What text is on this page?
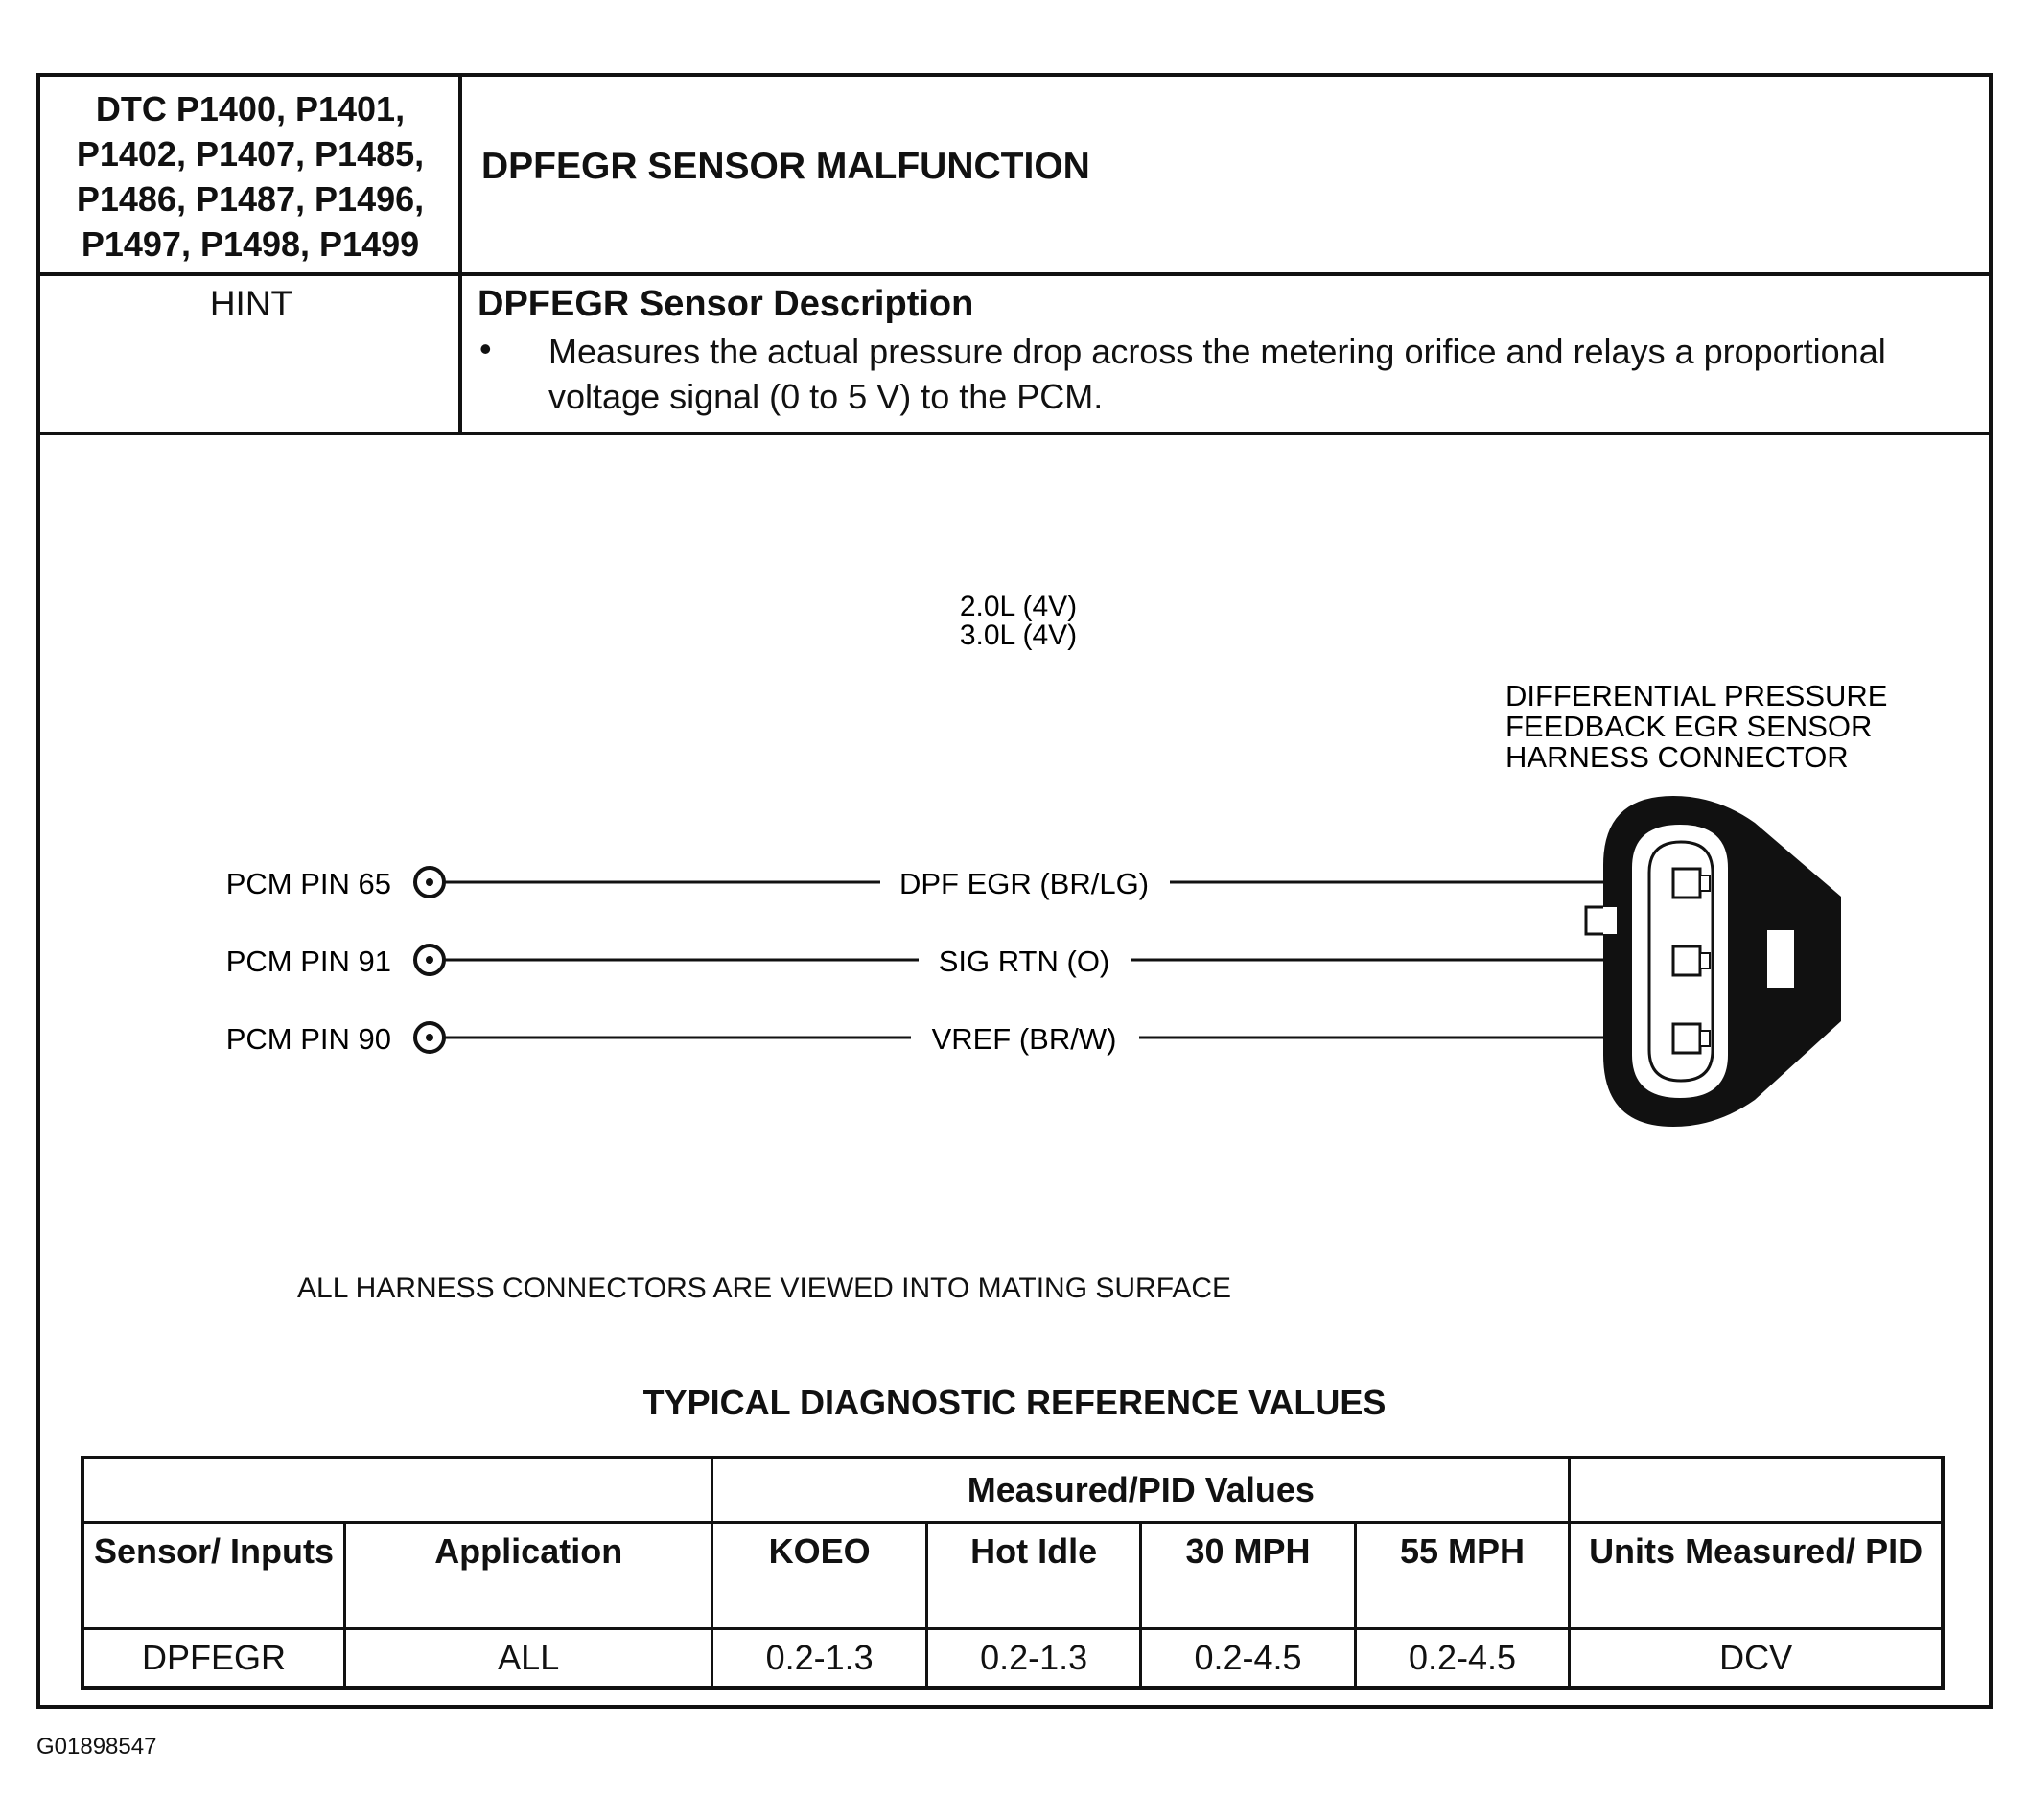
DTC P1400, P1401,
P1402, P1407, P1485,
P1486, P1487, P1496,
P1497, P1498, P1499
DPFEGR SENSOR MALFUNCTION
HINT	DPFEGR Sensor Description
• Measures the actual pressure drop across the metering orifice and relays a proportional voltage signal (0 to 5 V) to the PCM.
2.0L (4V)
3.0L (4V)
DIFFERENTIAL PRESSURE
FEEDBACK EGR SENSOR
HARNESS CONNECTOR
PCM PIN 65	DPF EGR (BR/LG)
PCM PIN 91	SIG RTN (O)
PCM PIN 90	VREF (BR/W)
ALL HARNESS CONNECTORS ARE VIEWED INTO MATING SURFACE
TYPICAL DIAGNOSTIC REFERENCE VALUES
		Measured/PID Values				
Sensor/ Inputs	Application	KOEO	Hot Idle	30 MPH	55 MPH	Units Measured/ PID
DPFEGR	ALL	0.2-1.3	0.2-1.3	0.2-4.5	0.2-4.5	DCV
G01898547
